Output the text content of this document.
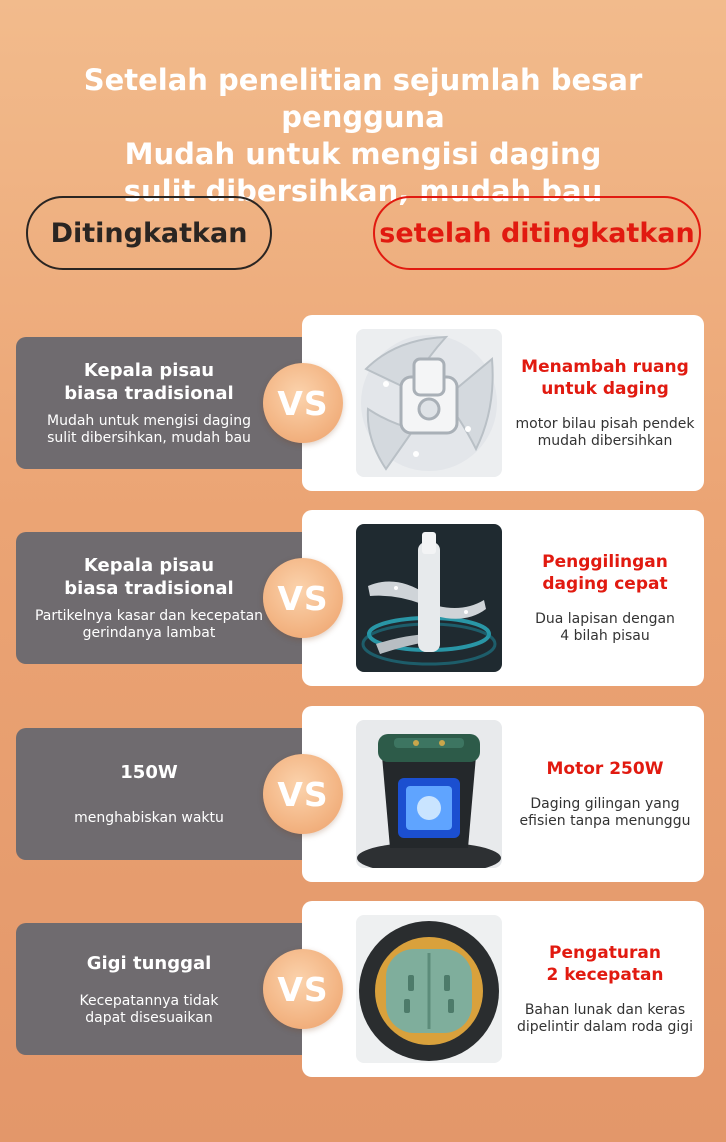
Setelah penelitian sejumlah besar pengguna
Mudah untuk mengisi daging
sulit dibersihkan, mudah bau
Ditingkatkan	setelah ditingkatkan
Kepala pisau
biasa tradisional
Mudah untuk mengisi daging
sulit dibersihkan, mudah bau
Menambah ruang
untuk daging
motor bilau pisah pendek
mudah dibersihkan
VS
Kepala pisau
biasa tradisional
Partikelnya kasar dan kecepatan
gerindanya lambat
Penggilingan
daging cepat
Dua lapisan dengan
4 bilah pisau
VS
150W
menghabiskan waktu
Motor 250W
Daging gilingan yang
efisien tanpa menunggu
VS
Gigi tunggal
Kecepatannya tidak
dapat disesuaikan
Pengaturan
2 kecepatan
Bahan lunak dan keras
dipelintir dalam roda gigi
VS
